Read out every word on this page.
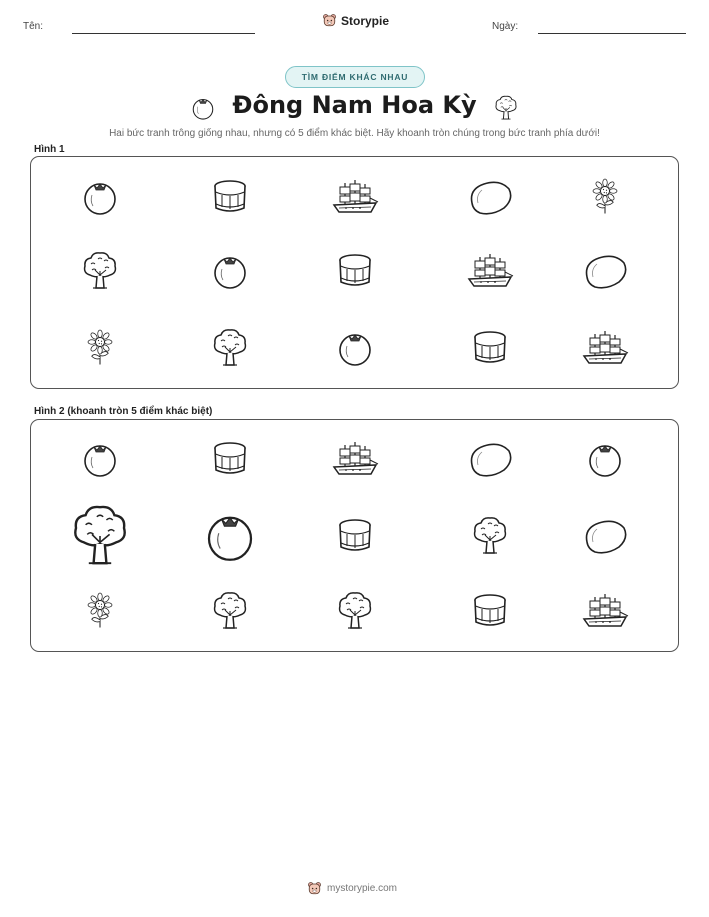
Tên:	Storypie	Ngày:
TÌM ĐIỂM KHÁC NHAU
Đông Nam Hoa Kỳ
Hai bức tranh trông giống nhau, nhưng có 5 điểm khác biệt. Hãy khoanh tròn chúng trong bức tranh phía dưới!
Hình 1
Hình 2 (khoanh tròn 5 điểm khác biệt)
mystorypie.com
